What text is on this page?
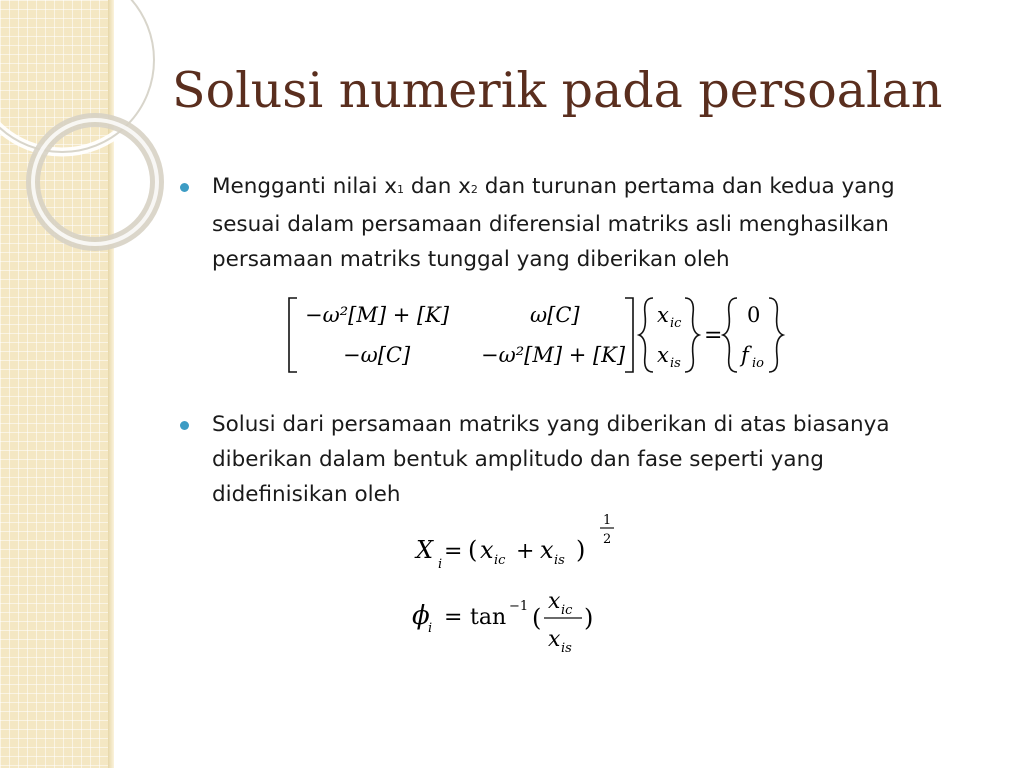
Solusi numerik pada persoalan
Mengganti nilai x1 dan x2 dan turunan pertama dan kedua yang sesuai dalam persamaan diferensial matriks asli menghasilkan persamaan matriks tunggal yang diberikan oleh
−ω²[M] + [K]	ω[C]
−ω[C]	−ω²[M] + [K]
x ic
x is
=
0
f io
Solusi dari persamaan matriks yang diberikan di atas biasanya diberikan dalam bentuk amplitudo dan fase seperti yang didefinisikan oleh
X
i
= ( x ic + x is )
1
2
ϕ
i = tan −1 (
x ic
x is
)
